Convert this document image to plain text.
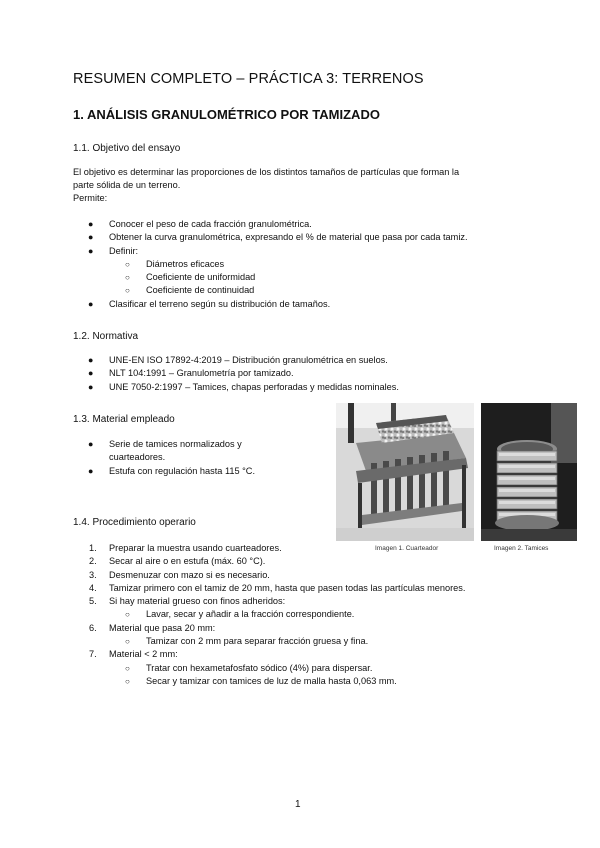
RESUMEN COMPLETO – PRÁCTICA 3: TERRENOS
1. ANÁLISIS GRANULOMÉTRICO POR TAMIZADO
1.1. Objetivo del ensayo
El objetivo es determinar las proporciones de los distintos tamaños de partículas que forman la
parte sólida de un terreno.
Permite:
● Conocer el peso de cada fracción granulométrica.
● Obtener la curva granulométrica, expresando el % de material que pasa por cada tamiz.
● Definir:
○ Diámetros eficaces
○ Coeficiente de uniformidad
○ Coeficiente de continuidad
● Clasificar el terreno según su distribución de tamaños.
1.2. Normativa
● UNE-EN ISO 17892-4:2019 – Distribución granulométrica en suelos.
● NLT 104:1991 – Granulometría por tamizado.
● UNE 7050-2:1997 – Tamices, chapas perforadas y medidas nominales.
1.3. Material empleado
● Serie de tamices normalizados y
cuarteadores.
● Estufa con regulación hasta 115 °C.
Imagen 1. Cuarteador	Imagen 2. Tamices
1.4. Procedimiento operario
1. Preparar la muestra usando cuarteadores.
2. Secar al aire o en estufa (máx. 60 °C).
3. Desmenuzar con mazo si es necesario.
4. Tamizar primero con el tamiz de 20 mm, hasta que pasen todas las partículas menores.
5. Si hay material grueso con finos adheridos:
○ Lavar, secar y añadir a la fracción correspondiente.
6. Material que pasa 20 mm:
○ Tamizar con 2 mm para separar fracción gruesa y fina.
7. Material < 2 mm:
○ Tratar con hexametafosfato sódico (4%) para dispersar.
○ Secar y tamizar con tamices de luz de malla hasta 0,063 mm.
1
